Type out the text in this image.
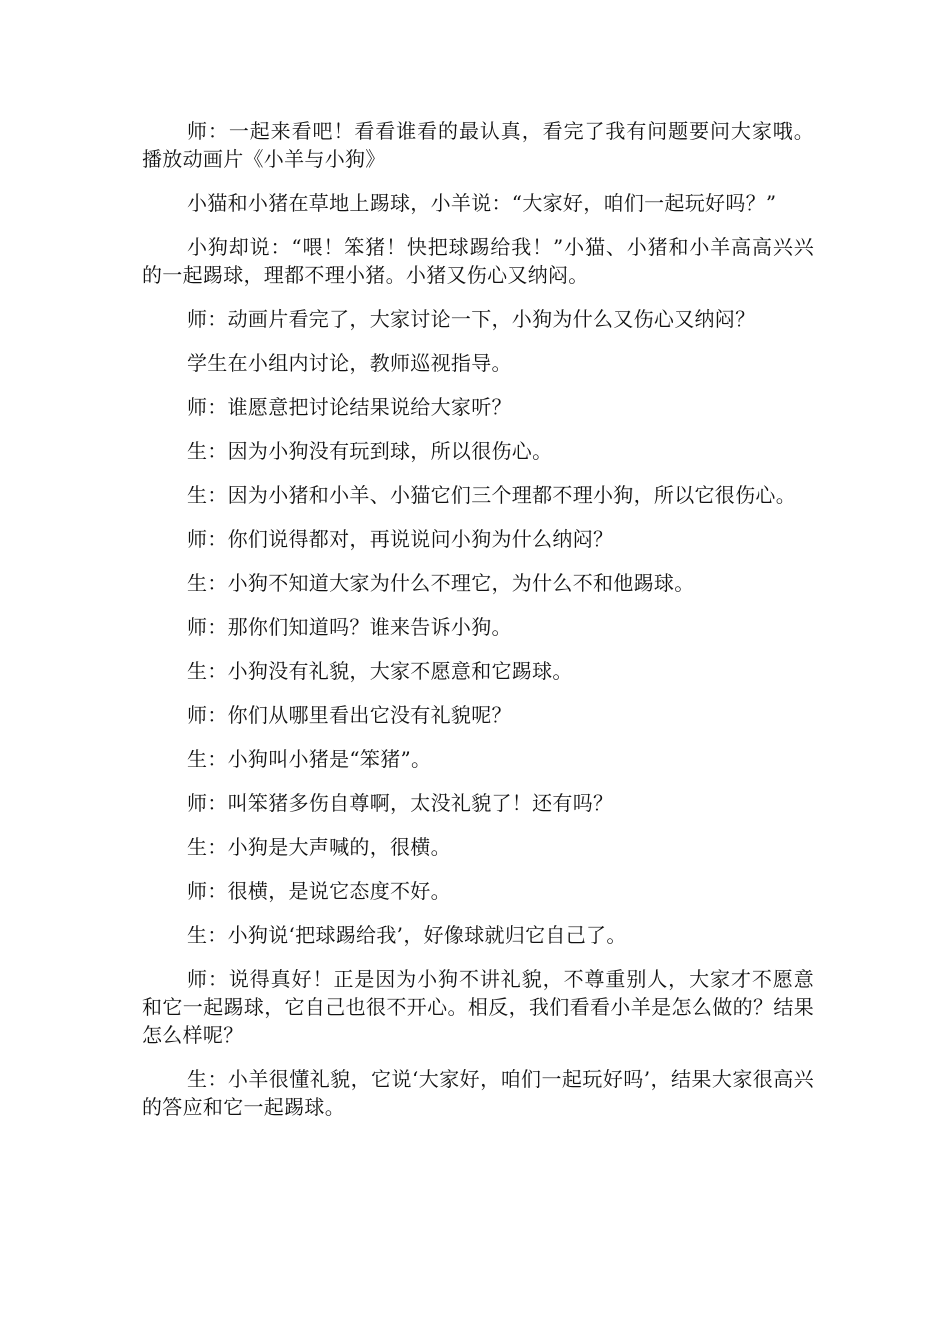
师：一起来看吧！看看谁看的最认真，看完了我有问题要问大家哦。播放动画片《小羊与小狗》

小猫和小猪在草地上踢球，小羊说：“大家好，咱们一起玩好吗？”

小狗却说：“喂！笨猪！快把球踢给我！”小猫、小猪和小羊高高兴兴的一起踢球，理都不理小猪。小猪又伤心又纳闷。

师：动画片看完了，大家讨论一下，小狗为什么又伤心又纳闷？

学生在小组内讨论，教师巡视指导。

师：谁愿意把讨论结果说给大家听？

生：因为小狗没有玩到球，所以很伤心。

生：因为小猪和小羊、小猫它们三个理都不理小狗，所以它很伤心。

师：你们说得都对，再说说问小狗为什么纳闷？

生：小狗不知道大家为什么不理它，为什么不和他踢球。

师：那你们知道吗？谁来告诉小狗。

生：小狗没有礼貌，大家不愿意和它踢球。

师：你们从哪里看出它没有礼貌呢？

生：小狗叫小猪是“笨猪”。

师：叫笨猪多伤自尊啊，太没礼貌了！还有吗？

生：小狗是大声喊的，很横。

师：很横，是说它态度不好。

生：小狗说‘把球踢给我’，好像球就归它自己了。

师：说得真好！正是因为小狗不讲礼貌，不尊重别人，大家才不愿意和它一起踢球，它自己也很不开心。相反，我们看看小羊是怎么做的？结果怎么样呢？

生：小羊很懂礼貌，它说‘大家好，咱们一起玩好吗’，结果大家很高兴的答应和它一起踢球。
